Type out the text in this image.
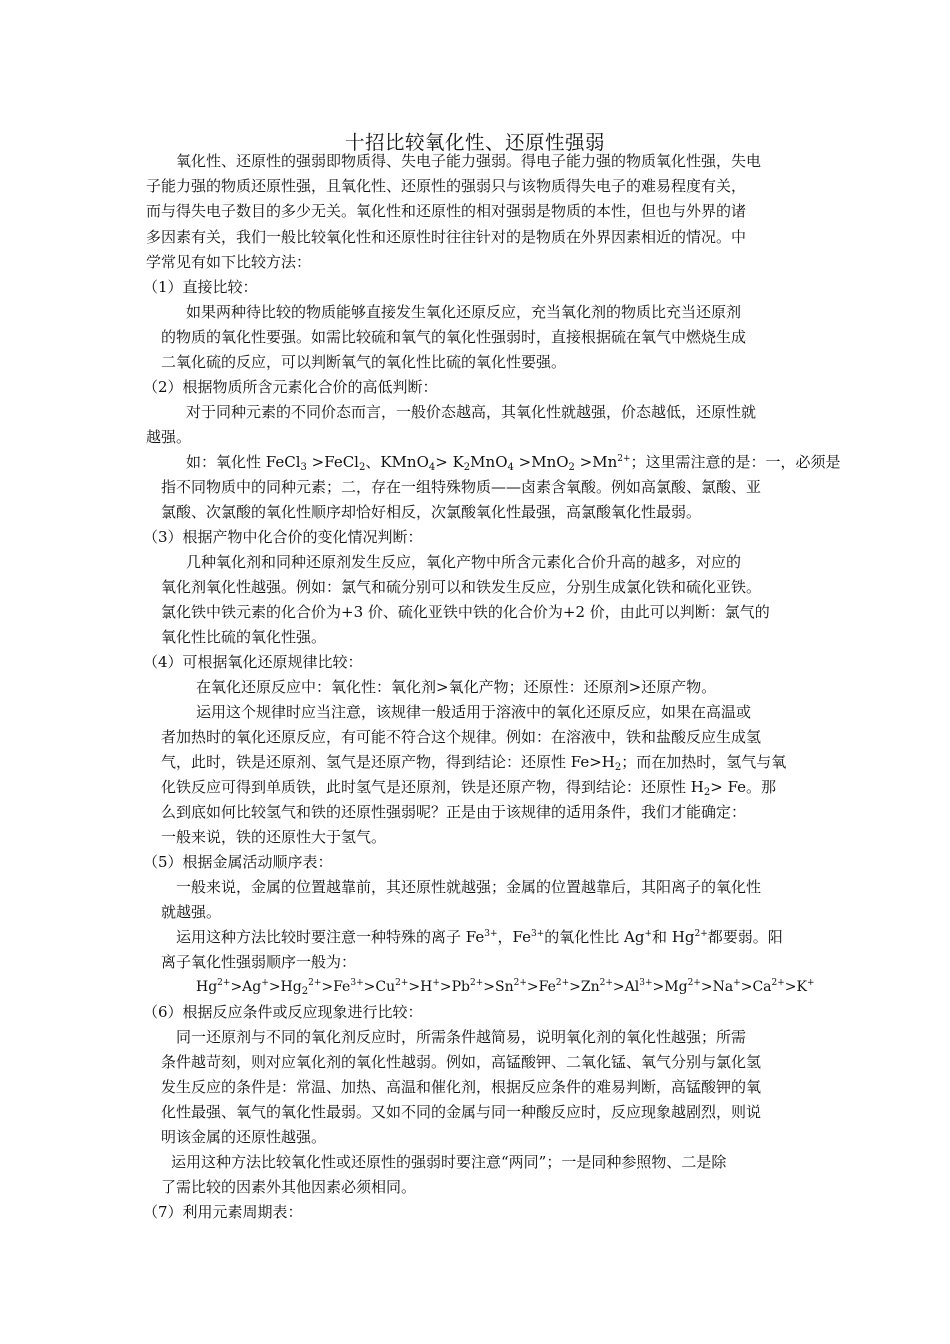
十招比较氧化性、还原性强弱
氧化性、还原性的强弱即物质得、失电子能力强弱。得电子能力强的物质氧化性强，失电
子能力强的物质还原性强，且氧化性、还原性的强弱只与该物质得失电子的难易程度有关，
而与得失电子数目的多少无关。氧化性和还原性的相对强弱是物质的本性，但也与外界的诸
多因素有关，我们一般比较氧化性和还原性时往往针对的是物质在外界因素相近的情况。中
学常见有如下比较方法：
（1）直接比较：
如果两种待比较的物质能够直接发生氧化还原反应，充当氧化剂的物质比充当还原剂
的物质的氧化性要强。如需比较硫和氧气的氧化性强弱时，直接根据硫在氧气中燃烧生成
二氧化硫的反应，可以判断氧气的氧化性比硫的氧化性要强。
（2）根据物质所含元素化合价的高低判断：
对于同种元素的不同价态而言，一般价态越高，其氧化性就越强，价态越低，还原性就
越强。
如：氧化性 FeCl$_3$ >FeCl$_2$、KMnO$_4$> $K_2MnO_4 >MnO_2 >Mn^{2+}$；这里需注意的是：一，必须是
指不同物质中的同种元素；二，存在一组特殊物质——卤素含氧酸。例如高氯酸、氯酸、亚
氯酸、次氯酸的氧化性顺序却恰好相反，次氯酸氧化性最强，高氯酸氧化性最弱。
（3）根据产物中化合价的变化情况判断：
几种氧化剂和同种还原剂发生反应，氧化产物中所含元素化合价升高的越多，对应的
氧化剂氧化性越强。例如：氯气和硫分别可以和铁发生反应，分别生成氯化铁和硫化亚铁。
氯化铁中铁元素的化合价为+3 价、硫化亚铁中铁的化合价为+2 价，由此可以判断：氯气的
氧化性比硫的氧化性强。
（4）可根据氧化还原规律比较：
在氧化还原反应中：氧化性：氧化剂>氧化产物；还原性：还原剂>还原产物。
运用这个规律时应当注意，该规律一般适用于溶液中的氧化还原反应，如果在高温或
者加热时的氧化还原反应，有可能不符合这个规律。例如：在溶液中，铁和盐酸反应生成氢
气，此时，铁是还原剂、氢气是还原产物，得到结论：还原性 $Fe>H_2$；而在加热时，氢气与氧
化铁反应可得到单质铁，此时氢气是还原剂，铁是还原产物，得到结论：还原性 $H_2> Fe$。那
么到底如何比较氢气和铁的还原性强弱呢？正是由于该规律的适用条件，我们才能确定：
一般来说，铁的还原性大于氢气。
（5）根据金属活动顺序表：
一般来说，金属的位置越靠前，其还原性就越强；金属的位置越靠后，其阳离子的氧化性
就越强。
运用这种方法比较时要注意一种特殊的离子 $Fe^{3+}$，$Fe^{3+}$的氧化性比 Ag+和 $Hg^{2+}$都要弱。阳
离子氧化性强弱顺序一般为：
$Hg^{2+}>Ag^+>Hg_2^{2+}>Fe^{3+}>Cu^{2+}>H^+>Pb^{2+}>Sn^{2+}>Fe^{2+}>Zn^{2+}>Al^{3+}>Mg^{2+}>Na^+>Ca^{2+}>K^+$
（6）根据反应条件或反应现象进行比较：
同一还原剂与不同的氧化剂反应时，所需条件越简易，说明氧化剂的氧化性越强；所需
条件越苛刻，则对应氧化剂的氧化性越弱。例如，高锰酸钾、二氧化锰、氧气分别与氯化氢
发生反应的条件是：常温、加热、高温和催化剂，根据反应条件的难易判断，高锰酸钾的氧
化性最强、氧气的氧化性最弱。又如不同的金属与同一种酸反应时，反应现象越剧烈，则说
明该金属的还原性越强。
运用这种方法比较氧化性或还原性的强弱时要注意“两同”；一是同种参照物、二是除
了需比较的因素外其他因素必须相同。
（7）利用元素周期表：
